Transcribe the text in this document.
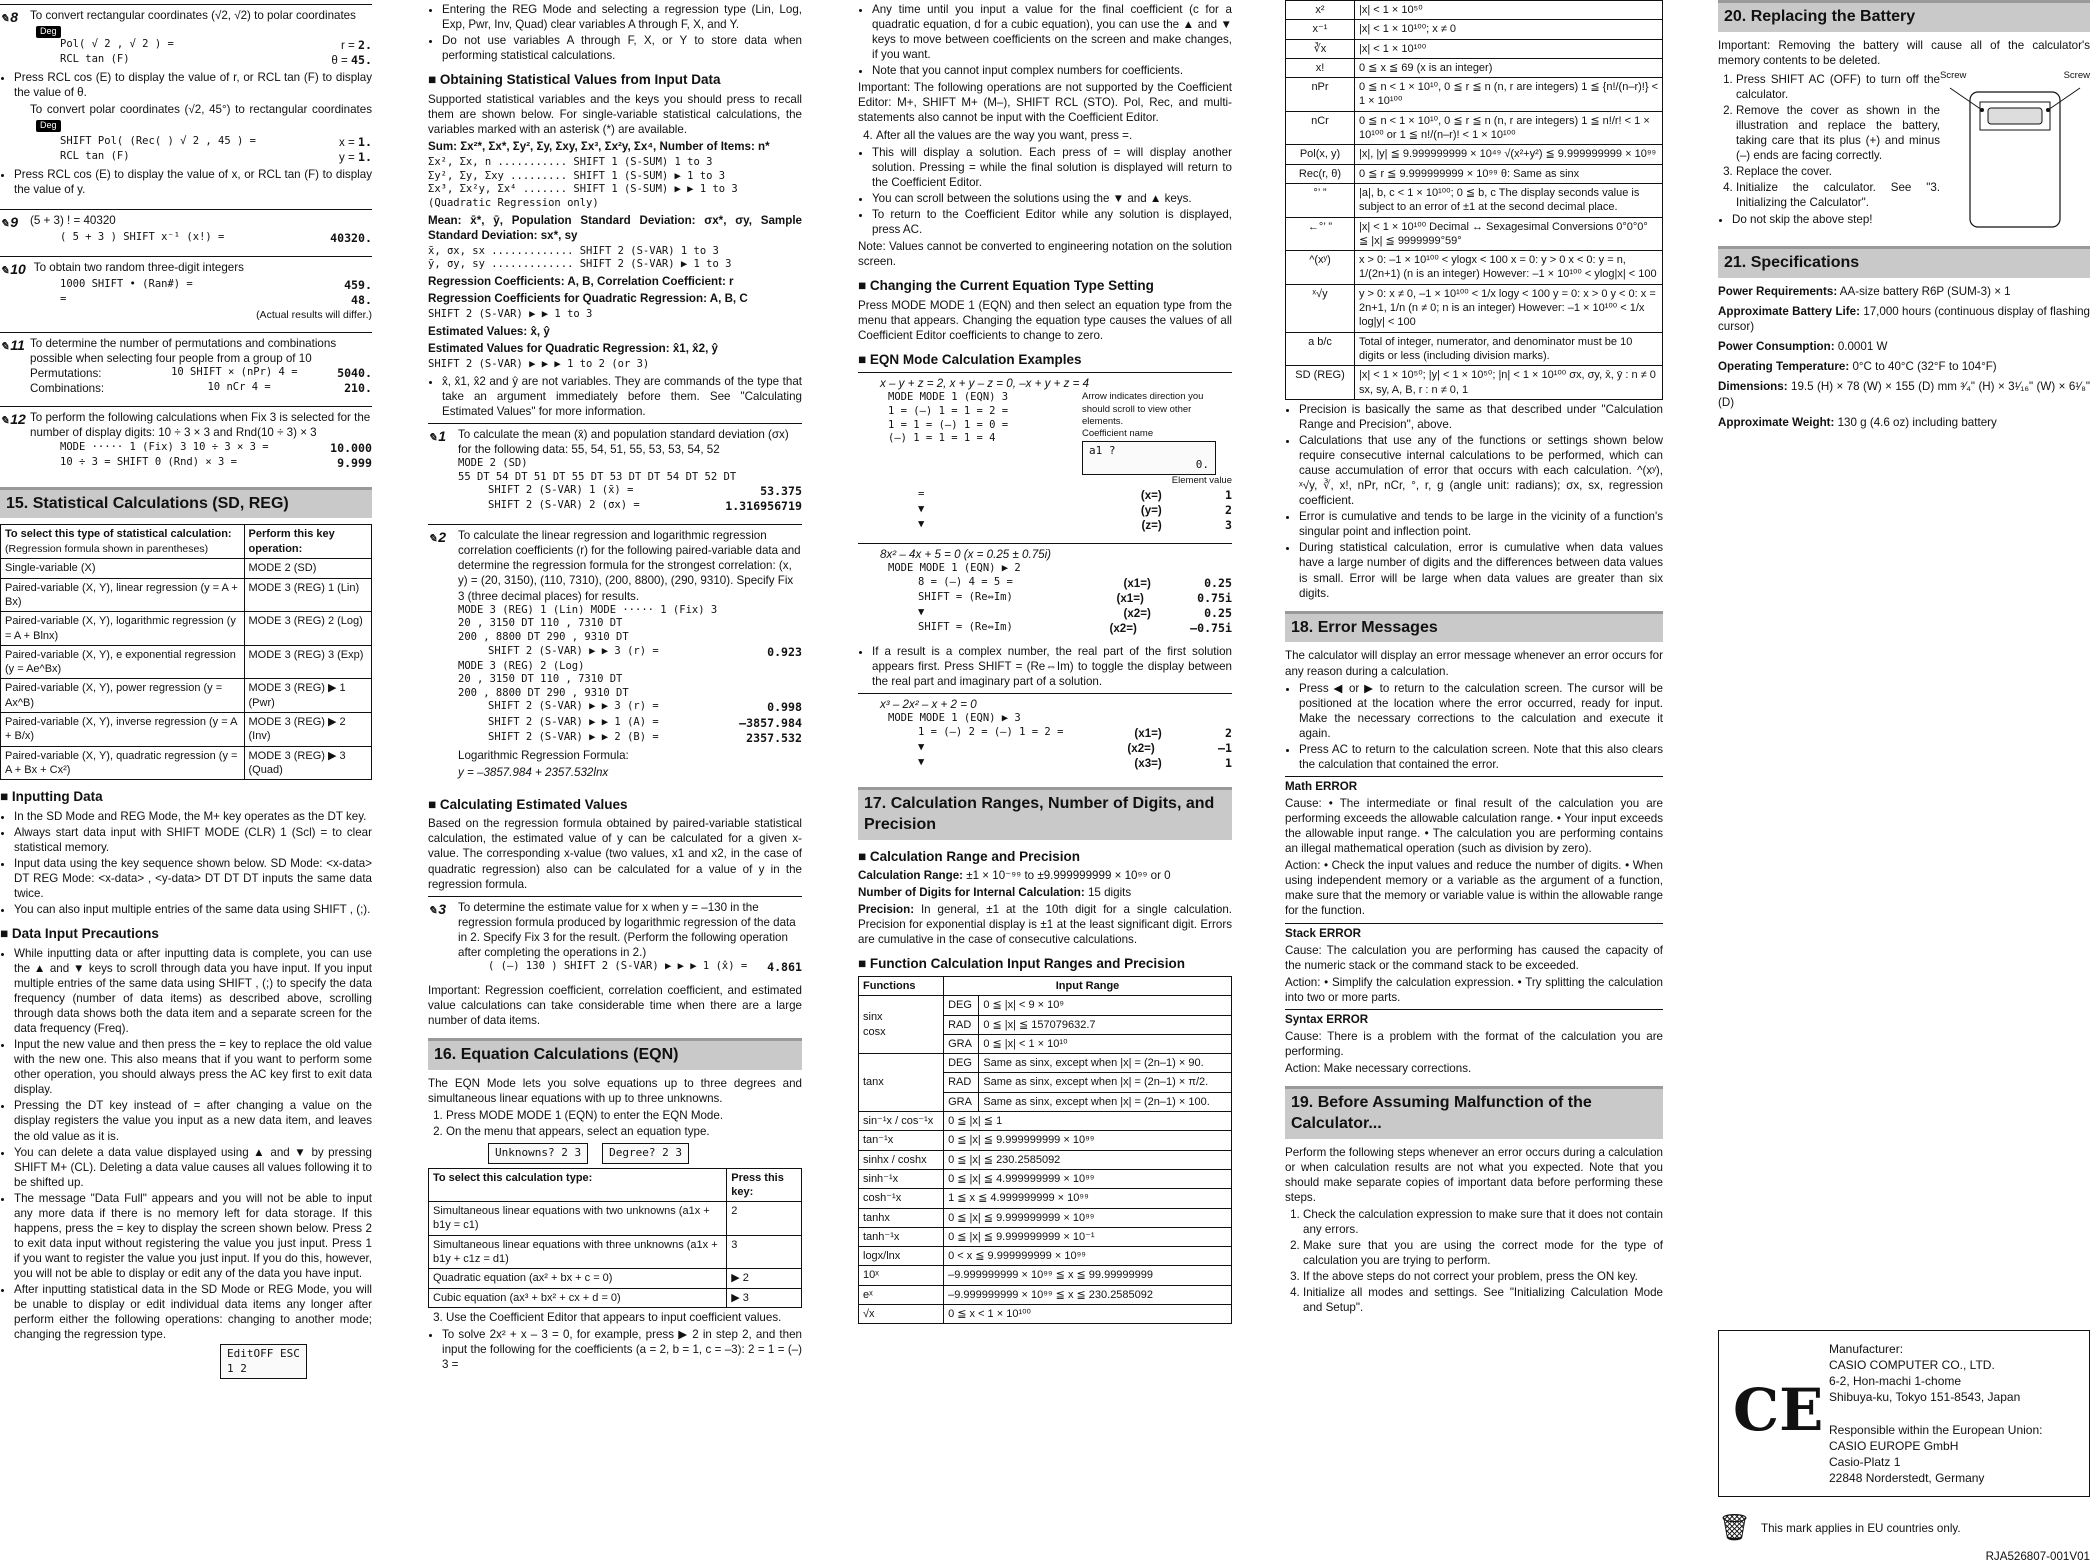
✎ 8	To convert rectangular coordinates (√2, √2) to polar coordinatesDeg
Pol( √ 2 , √ 2 ) =	r = 2.
RCL tan (F)	θ = 45.
• Press RCL cos (E) to display the value of r, or RCL tan (F) to display the value of θ.

To convert polar coordinates (√2, 45°) to rectangular coordinatesDeg

SHIFT Pol( (Rec( ) √ 2 , 45 ) =	x = 1.
RCL tan (F)	y = 1.
• Press RCL cos (E) to display the value of x, or RCL tan (F) to display the value of y.
✎ 9	(5 + 3) ! = 40320
( 5 + 3 ) SHIFT x⁻¹ (x!) =	40320.
✎ 10 To obtain two random three-digit integers
1000 SHIFT • (Ran#) =	459.
=	48.
(Actual results will differ.)
✎ 11 To determine the number of permutations and combinations possible when selecting four people from a group of 10
Permutations:	10 SHIFT × (nPr) 4 =	5040.
Combinations:	10 nCr 4 =	210.
✎ 12 To perform the following calculations when Fix 3 is selected for the number of display digits: 10 ÷ 3 × 3 and Rnd(10 ÷ 3) × 3
MODE ····· 1 (Fix) 3 10 ÷ 3 × 3 =	10.000
10 ÷ 3 = SHIFT 0 (Rnd) × 3 =	9.999
15. Statistical Calculations (SD, REG)
To select this type of statistical calculation:
(Regression formula shown in parentheses)	Perform this key operation:
Single-variable (X)	MODE 2 (SD)
Paired-variable (X, Y), linear regression (y = A + Bx)	MODE 3 (REG) 1 (Lin)
Paired-variable (X, Y), logarithmic regression (y = A + Blnx)	MODE 3 (REG) 2 (Log)
Paired-variable (X, Y), e exponential regression (y = Ae^Bx)	MODE 3 (REG) 3 (Exp)
Paired-variable (X, Y), power regression (y = Ax^B)	MODE 3 (REG) ▶ 1 (Pwr)
Paired-variable (X, Y), inverse regression (y = A + B/x)	MODE 3 (REG) ▶ 2 (Inv)
Paired-variable (X, Y), quadratic regression (y = A + Bx + Cx²)	MODE 3 (REG) ▶ 3 (Quad)
■ Inputting Data
• In the SD Mode and REG Mode, the M+ key operates as the DT key.
• Always start data input with SHIFT MODE (CLR) 1 (Scl) = to clear statistical memory.
• Input data using the key sequence shown below. SD Mode: <x-data> DT REG Mode: <x-data> , <y-data> DT DT DT inputs the same data twice.
• You can also input multiple entries of the same data using SHIFT , (;).
■ Data Input Precautions
• While inputting data or after inputting data is complete, you can use the ▲ and ▼ keys to scroll through data you have input. If you input multiple entries of the same data using SHIFT , (;) to specify the data frequency (number of data items) as described above, scrolling through data shows both the data item and a separate screen for the data frequency (Freq).
• Input the new value and then press the = key to replace the old value with the new one. This also means that if you want to perform some other operation, you should always press the AC key first to exit data display.
• Pressing the DT key instead of = after changing a value on the display registers the value you input as a new data item, and leaves the old value as it is.
• You can delete a data value displayed using ▲ and ▼ by pressing SHIFT M+ (CL). Deleting a data value causes all values following it to be shifted up.
• The message "Data Full" appears and you will not be able to input any more data if there is no memory left for data storage. If this happens, press the = key to display the screen shown below. Press 2 to exit data input without registering the value you just input. Press 1 if you want to register the value you just input. If you do this, however, you will not be able to display or edit any of the data you have input.
• After inputting statistical data in the SD Mode or REG Mode, you will be unable to display or edit individual data items any longer after perform either the following operations: changing to another mode; changing the regression type.
EditOFF ESC
1 2
• Entering the REG Mode and selecting a regression type (Lin, Log, Exp, Pwr, Inv, Quad) clear variables A through F, X, and Y.
• Do not use variables A through F, X, or Y to store data when performing statistical calculations.
■ Obtaining Statistical Values from Input Data

Supported statistical variables and the keys you should press to recall them are shown below. For single-variable statistical calculations, the variables marked with an asterisk (*) are available.

Sum: Σx²*, Σx*, Σy², Σy, Σxy, Σx³, Σx²y, Σx⁴, Number of Items: n*

Σx², Σx, n ........... SHIFT 1 (S-SUM) 1 to 3
Σy², Σy, Σxy ......... SHIFT 1 (S-SUM) ▶ 1 to 3
Σx³, Σx²y, Σx⁴ ....... SHIFT 1 (S-SUM) ▶ ▶ 1 to 3 (Quadratic Regression only)

Mean: x̄*, ȳ, Population Standard Deviation: σx*, σy, Sample Standard Deviation: sx*, sy

x̄, σx, sx ............. SHIFT 2 (S-VAR) 1 to 3
ȳ, σy, sy ............. SHIFT 2 (S-VAR) ▶ 1 to 3

Regression Coefficients: A, B, Correlation Coefficient: r

Regression Coefficients for Quadratic Regression: A, B, C

SHIFT 2 (S-VAR) ▶ ▶ 1 to 3

Estimated Values: x̂, ŷ

Estimated Values for Quadratic Regression: x̂1, x̂2, ŷ

SHIFT 2 (S-VAR) ▶ ▶ ▶ 1 to 2 (or 3)
• x̂, x̂1, x̂2 and ŷ are not variables. They are commands of the type that take an argument immediately before them. See "Calculating Estimated Values" for more information.
✎ 1	To calculate the mean (x̄) and population standard deviation (σx) for the following data: 55, 54, 51, 55, 53, 53, 54, 52
MODE 2 (SD)
55 DT 54 DT 51 DT 55 DT 53 DT DT 54 DT 52 DT
SHIFT 2 (S-VAR) 1 (x̄) =	53.375
SHIFT 2 (S-VAR) 2 (σx) =	1.316956719
✎ 2	To calculate the linear regression and logarithmic regression correlation coefficients (r) for the following paired-variable data and determine the regression formula for the strongest correlation: (x, y) = (20, 3150), (110, 7310), (200, 8800), (290, 9310). Specify Fix 3 (three decimal places) for results.
MODE 3 (REG) 1 (Lin) MODE ····· 1 (Fix) 3
20 , 3150 DT 110 , 7310 DT
200 , 8800 DT 290 , 9310 DT
SHIFT 2 (S-VAR) ▶ ▶ 3 (r) =	0.923
MODE 3 (REG) 2 (Log)
20 , 3150 DT 110 , 7310 DT
200 , 8800 DT 290 , 9310 DT
SHIFT 2 (S-VAR) ▶ ▶ 3 (r) =	0.998
SHIFT 2 (S-VAR) ▶ ▶ 1 (A) =	–3857.984
SHIFT 2 (S-VAR) ▶ ▶ 2 (B) =	2357.532

Logarithmic Regression Formula:

y = –3857.984 + 2357.532lnx

■ Calculating Estimated Values

Based on the regression formula obtained by paired-variable statistical calculation, the estimated value of y can be calculated for a given x-value. The corresponding x-value (two values, x1 and x2, in the case of quadratic regression) also can be calculated for a value of y in the regression formula.

✎ 3	To determine the estimate value for x when y = –130 in the regression formula produced by logarithmic regression of the data in 2. Specify Fix 3 for the result. (Perform the following operation after completing the operations in 2.)
( (–) 130 ) SHIFT 2 (S-VAR) ▶ ▶ ▶ 1 (x̂) = 4.861

Important: Regression coefficient, correlation coefficient, and estimated value calculations can take considerable time when there are a large number of data items.

16. Equation Calculations (EQN)

The EQN Mode lets you solve equations up to three degrees and simultaneous linear equations with up to three unknowns.

1. Press MODE MODE 1 (EQN) to enter the EQN Mode.
2. On the menu that appears, select an equation type.
Unknowns? 2 3	Degree? 2 3
To select this calculation type:	Press this key:
Simultaneous linear equations with two unknowns (a1x + b1y = c1)	2
Simultaneous linear equations with three unknowns (a1x + b1y + c1z = d1)	3
Quadratic equation (ax² + bx + c = 0)	▶ 2
Cubic equation (ax³ + bx² + cx + d = 0)	▶ 3
3. Use the Coefficient Editor that appears to input coefficient values.
• To solve 2x² + x – 3 = 0, for example, press ▶ 2 in step 2, and then input the following for the coefficients (a = 2, b = 1, c = –3): 2 = 1 = (–) 3 =
• Any time until you input a value for the final coefficient (c for a quadratic equation, d for a cubic equation), you can use the ▲ and ▼ keys to move between coefficients on the screen and make changes, if you want.
• Note that you cannot input complex numbers for coefficients.

Important: The following operations are not supported by the Coefficient Editor: M+, SHIFT M+ (M–), SHIFT RCL (STO). Pol, Rec, and multi-statements also cannot be input with the Coefficient Editor.

4. After all the values are the way you want, press =.
• This will display a solution. Each press of = will display another solution. Pressing = while the final solution is displayed will return to the Coefficient Editor.
• You can scroll between the solutions using the ▼ and ▲ keys.
• To return to the Coefficient Editor while any solution is displayed, press AC.

Note: Values cannot be converted to engineering notation on the solution screen.

■ Changing the Current Equation Type Setting

Press MODE MODE 1 (EQN) and then select an equation type from the menu that appears. Changing the equation type causes the values of all Coefficient Editor coefficients to change to zero.

■ EQN Mode Calculation Examples
x – y + z = 2, x + y – z = 0, –x + y + z = 4
MODE MODE 1 (EQN) 3
1 = (–) 1 = 1 = 2 =
1 = 1 = (–) 1 = 0 =
(–) 1 = 1 = 1 = 4
Arrow indicates direction you should scroll to view other elements.
Coefficient name
a1 ?

0.
Element value
=	(x=)	1
▼	(y=)	2
▼	(z=)	3
8x² – 4x + 5 = 0 (x = 0.25 ± 0.75i)
MODE MODE 1 (EQN) ▶ 2
8 = (–) 4 = 5 =	(x1=)	0.25
SHIFT = (Re⇔Im)	(x1=)	0.75i
▼	(x2=)	0.25
SHIFT = (Re⇔Im)	(x2=)	–0.75i
• If a result is a complex number, the real part of the first solution appears first. Press SHIFT = (Re⇔Im) to toggle the display between the real part and imaginary part of a solution.
x³ – 2x² – x + 2 = 0
MODE MODE 1 (EQN) ▶ 3
1 = (–) 2 = (–) 1 = 2 =	(x1=)	2
▼	(x2=)	–1
▼	(x3=)	1
17. Calculation Ranges, Number of Digits, and Precision
■ Calculation Range and Precision

Calculation Range: ±1 × 10⁻⁹⁹ to ±9.999999999 × 10⁹⁹ or 0

Number of Digits for Internal Calculation: 15 digits

Precision: In general, ±1 at the 10th digit for a single calculation. Precision for exponential display is ±1 at the least significant digit. Errors are cumulative in the case of consecutive calculations.

■ Function Calculation Input Ranges and Precision
Functions	Input Range	
sinx
cosx	DEG	0 ≦ |x| < 9 × 10⁹
	RAD	0 ≦ |x| ≦ 157079632.7
	GRA	0 ≦ |x| < 1 × 10¹⁰
tanx	DEG	Same as sinx, except when |x| = (2n–1) × 90.
	RAD	Same as sinx, except when |x| = (2n–1) × π/2.
	GRA	Same as sinx, except when |x| = (2n–1) × 100.
sin⁻¹x / cos⁻¹x	0 ≦ |x| ≦ 1	
tan⁻¹x	0 ≦ |x| ≦ 9.999999999 × 10⁹⁹	
sinhx / coshx	0 ≦ |x| ≦ 230.2585092	
sinh⁻¹x	0 ≦ |x| ≦ 4.999999999 × 10⁹⁹	
cosh⁻¹x	1 ≦ x ≦ 4.999999999 × 10⁹⁹	
tanhx	0 ≦ |x| ≦ 9.999999999 × 10⁹⁹	
tanh⁻¹x	0 ≦ |x| ≦ 9.999999999 × 10⁻¹	
logx/lnx	0 < x ≦ 9.999999999 × 10⁹⁹	
10ˣ	–9.999999999 × 10⁹⁹ ≦ x ≦ 99.99999999	
eˣ	–9.999999999 × 10⁹⁹ ≦ x ≦ 230.2585092	
√x	0 ≦ x < 1 × 10¹⁰⁰	
x²	|x| < 1 × 10⁵⁰
x⁻¹	|x| < 1 × 10¹⁰⁰; x ≠ 0
∛x	|x| < 1 × 10¹⁰⁰
x!	0 ≦ x ≦ 69 (x is an integer)
nPr	0 ≦ n < 1 × 10¹⁰, 0 ≦ r ≦ n (n, r are integers) 1 ≦ {n!/(n–r)!} < 1 × 10¹⁰⁰
nCr	0 ≦ n < 1 × 10¹⁰, 0 ≦ r ≦ n (n, r are integers) 1 ≦ n!/r! < 1 × 10¹⁰⁰ or 1 ≦ n!/(n–r)! < 1 × 10¹⁰⁰
Pol(x, y)	|x|, |y| ≦ 9.999999999 × 10⁴⁹ √(x²+y²) ≦ 9.999999999 × 10⁹⁹
Rec(r, θ)	0 ≦ r ≦ 9.999999999 × 10⁹⁹ θ: Same as sinx
°’ ”	|a|, b, c < 1 × 10¹⁰⁰; 0 ≦ b, c The display seconds value is subject to an error of ±1 at the second decimal place.
←°’ ”	|x| < 1 × 10¹⁰⁰ Decimal ↔ Sexagesimal Conversions 0°0°0° ≦ |x| ≦ 9999999°59°
^(xʸ)	x > 0: –1 × 10¹⁰⁰ < ylogx < 100 x = 0: y > 0 x < 0: y = n, 1/(2n+1) (n is an integer) However: –1 × 10¹⁰⁰ < ylog|x| < 100
ˣ√y	y > 0: x ≠ 0, –1 × 10¹⁰⁰ < 1/x logy < 100 y = 0: x > 0 y < 0: x = 2n+1, 1/n (n ≠ 0; n is an integer) However: –1 × 10¹⁰⁰ < 1/x log|y| < 100
a b/c	Total of integer, numerator, and denominator must be 10 digits or less (including division marks).
SD (REG)	|x| < 1 × 10⁵⁰; |y| < 1 × 10⁵⁰; |n| < 1 × 10¹⁰⁰ σx, σy, x̄, ȳ : n ≠ 0 sx, sy, A, B, r : n ≠ 0, 1
• Precision is basically the same as that described under "Calculation Range and Precision", above.
• Calculations that use any of the functions or settings shown below require consecutive internal calculations to be performed, which can cause accumulation of error that occurs with each calculation. ^(xʸ), ˣ√y, ∛, x!, nPr, nCr, °, r, g (angle unit: radians); σx, sx, regression coefficient.
• Error is cumulative and tends to be large in the vicinity of a function's singular point and inflection point.
• During statistical calculation, error is cumulative when data values have a large number of digits and the differences between data values is small. Error will be large when data values are greater than six digits.
18. Error Messages

The calculator will display an error message whenever an error occurs for any reason during a calculation.

• Press ◀ or ▶ to return to the calculation screen. The cursor will be positioned at the location where the error occurred, ready for input. Make the necessary corrections to the calculation and execute it again.
• Press AC to return to the calculation screen. Note that this also clears the calculation that contained the error.

Math ERROR

Cause: • The intermediate or final result of the calculation you are performing exceeds the allowable calculation range. • Your input exceeds the allowable input range. • The calculation you are performing contains an illegal mathematical operation (such as division by zero).

Action: • Check the input values and reduce the number of digits. • When using independent memory or a variable as the argument of a function, make sure that the memory or variable value is within the allowable range for the function.

Stack ERROR

Cause: The calculation you are performing has caused the capacity of the numeric stack or the command stack to be exceeded.

Action: • Simplify the calculation expression. • Try splitting the calculation into two or more parts.

Syntax ERROR

Cause: There is a problem with the format of the calculation you are performing.

Action: Make necessary corrections.

19. Before Assuming Malfunction of the Calculator...

Perform the following steps whenever an error occurs during a calculation or when calculation results are not what you expected. Note that you should make separate copies of important data before performing these steps.

1. Check the calculation expression to make sure that it does not contain any errors.
2. Make sure that you are using the correct mode for the type of calculation you are trying to perform.
3. If the above steps do not correct your problem, press the ON key.
4. Initialize all modes and settings. See "Initializing Calculation Mode and Setup".
20. Replacing the Battery

Important: Removing the battery will cause all of the calculator's memory contents to be deleted.

1. Press SHIFT AC (OFF) to turn off the calculator.
2. Remove the cover as shown in the illustration and replace the battery, taking care that its plus (+) and minus (–) ends are facing correctly.
3. Replace the cover.
4. Initialize the calculator. See "3. Initializing the Calculator".
• Do not skip the above step!
Screw	Screw
21. Specifications

Power Requirements: AA-size battery R6P (SUM-3) × 1

Approximate Battery Life: 17,000 hours (continuous display of flashing cursor)

Power Consumption: 0.0001 W

Operating Temperature: 0°C to 40°C (32°F to 104°F)

Dimensions: 19.5 (H) × 78 (W) × 155 (D) mm ³⁄₄" (H) × 3¹⁄₁₆" (W) × 6¹⁄₈" (D)

Approximate Weight: 130 g (4.6 oz) including battery

CE
Manufacturer:
CASIO COMPUTER CO., LTD.
6-2, Hon-machi 1-chome
Shibuya-ku, Tokyo 151-8543, Japan

Responsible within the European Union:
CASIO EUROPE GmbH
Casio-Platz 1
22848 Norderstedt, Germany
🗑 This mark applies in EU countries only.
RJA526807-001V01
